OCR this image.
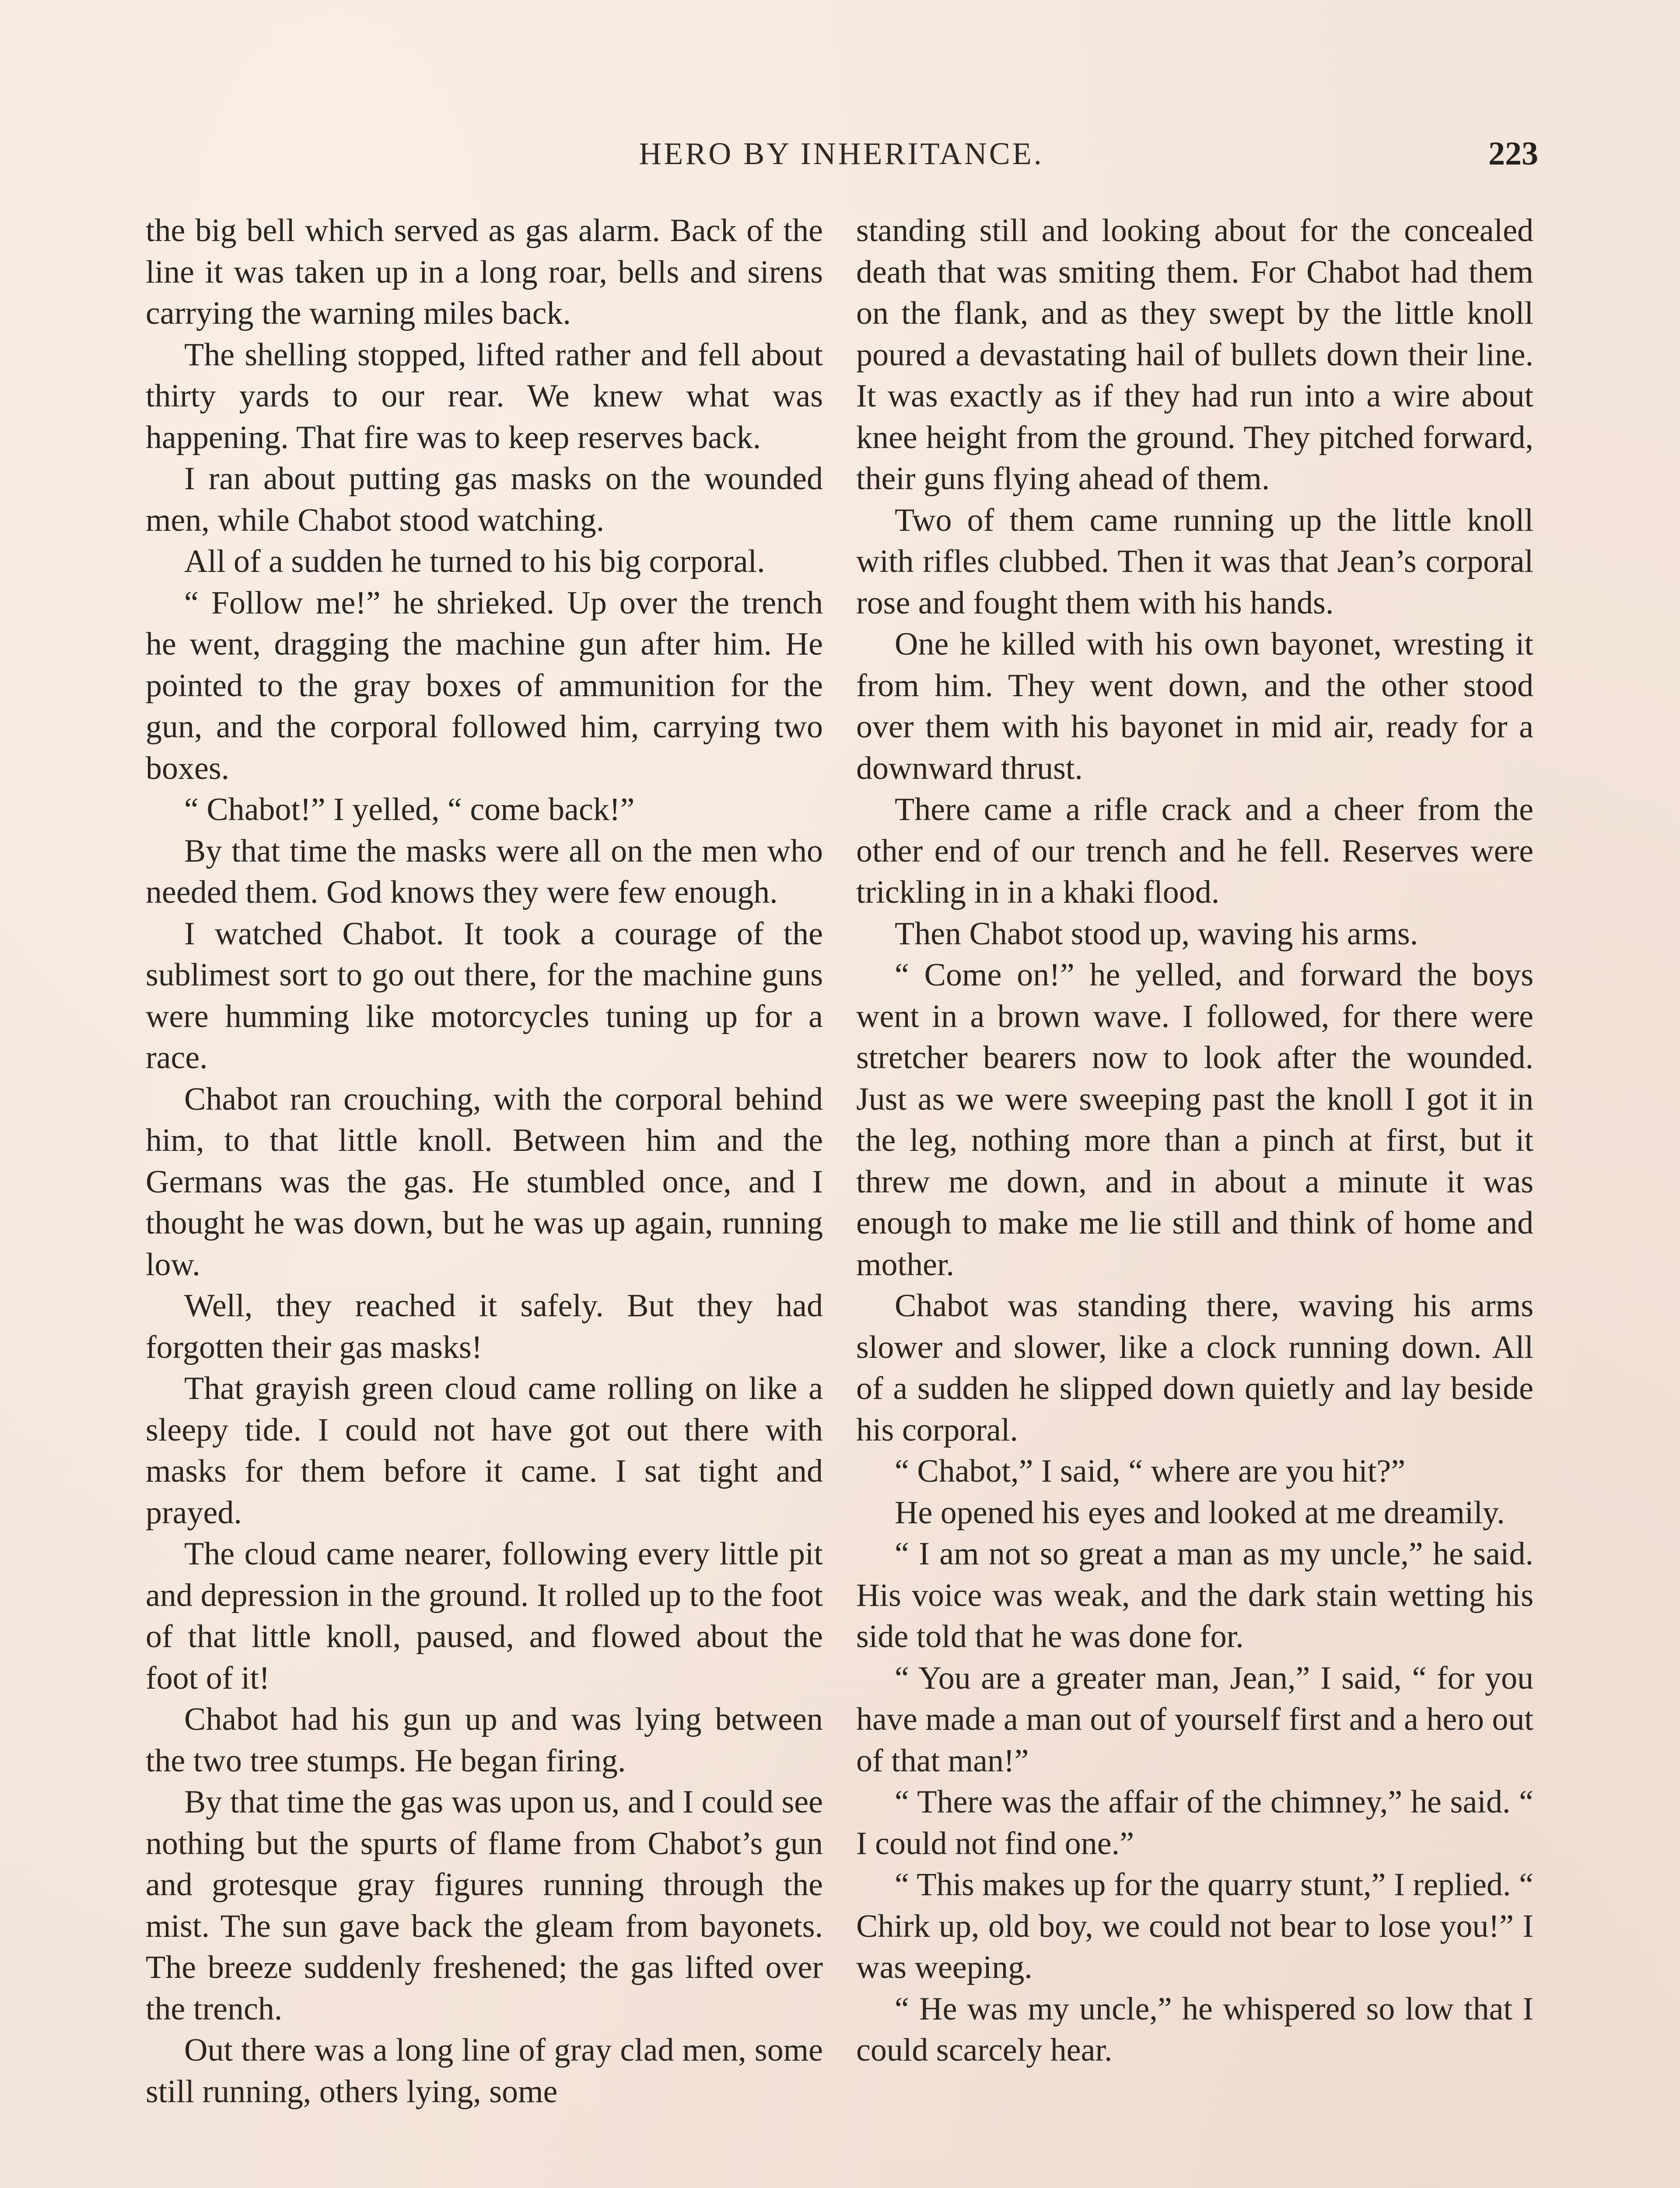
HERO BY INHERITANCE.	223

the big bell which served as gas alarm. Back of the line it was taken up in a long roar, bells and sirens carrying the warning miles back.

The shelling stopped, lifted rather and fell about thirty yards to our rear. We knew what was happening. That fire was to keep reserves back.

I ran about putting gas masks on the wounded men, while Chabot stood watching.

All of a sudden he turned to his big corporal.

“ Follow me!” he shrieked. Up over the trench he went, dragging the machine gun after him. He pointed to the gray boxes of ammunition for the gun, and the corporal followed him, carrying two boxes.

“ Chabot!” I yelled, “ come back!”

By that time the masks were all on the men who needed them. God knows they were few enough.

I watched Chabot. It took a courage of the sublimest sort to go out there, for the machine guns were humming like motorcycles tuning up for a race.

Chabot ran crouching, with the corporal behind him, to that little knoll. Between him and the Germans was the gas. He stumbled once, and I thought he was down, but he was up again, running low.

Well, they reached it safely. But they had forgotten their gas masks!

That grayish green cloud came rolling on like a sleepy tide. I could not have got out there with masks for them before it came. I sat tight and prayed.

The cloud came nearer, following every little pit and depression in the ground. It rolled up to the foot of that little knoll, paused, and flowed about the foot of it!

Chabot had his gun up and was lying between the two tree stumps. He began firing.

By that time the gas was upon us, and I could see nothing but the spurts of flame from Chabot’s gun and grotesque gray figures running through the mist. The sun gave back the gleam from bayonets. The breeze suddenly freshened; the gas lifted over the trench.

Out there was a long line of gray clad men, some still running, others lying, some

standing still and looking about for the concealed death that was smiting them. For Chabot had them on the flank, and as they swept by the little knoll poured a devastating hail of bullets down their line. It was exactly as if they had run into a wire about knee height from the ground. They pitched forward, their guns flying ahead of them.

Two of them came running up the little knoll with rifles clubbed. Then it was that Jean’s corporal rose and fought them with his hands.

One he killed with his own bayonet, wresting it from him. They went down, and the other stood over them with his bayonet in mid air, ready for a downward thrust.

There came a rifle crack and a cheer from the other end of our trench and he fell. Reserves were trickling in in a khaki flood.

Then Chabot stood up, waving his arms.

“ Come on!” he yelled, and forward the boys went in a brown wave. I followed, for there were stretcher bearers now to look after the wounded. Just as we were sweeping past the knoll I got it in the leg, nothing more than a pinch at first, but it threw me down, and in about a minute it was enough to make me lie still and think of home and mother.

Chabot was standing there, waving his arms slower and slower, like a clock running down. All of a sudden he slipped down quietly and lay beside his corporal.

“ Chabot,” I said, “ where are you hit?”

He opened his eyes and looked at me dreamily.

“ I am not so great a man as my uncle,” he said. His voice was weak, and the dark stain wetting his side told that he was done for.

“ You are a greater man, Jean,” I said, “ for you have made a man out of yourself first and a hero out of that man!”

“ There was the affair of the chimney,” he said. “ I could not find one.”

“ This makes up for the quarry stunt,” I replied. “ Chirk up, old boy, we could not bear to lose you!” I was weeping.

“ He was my uncle,” he whispered so low that I could scarcely hear.
